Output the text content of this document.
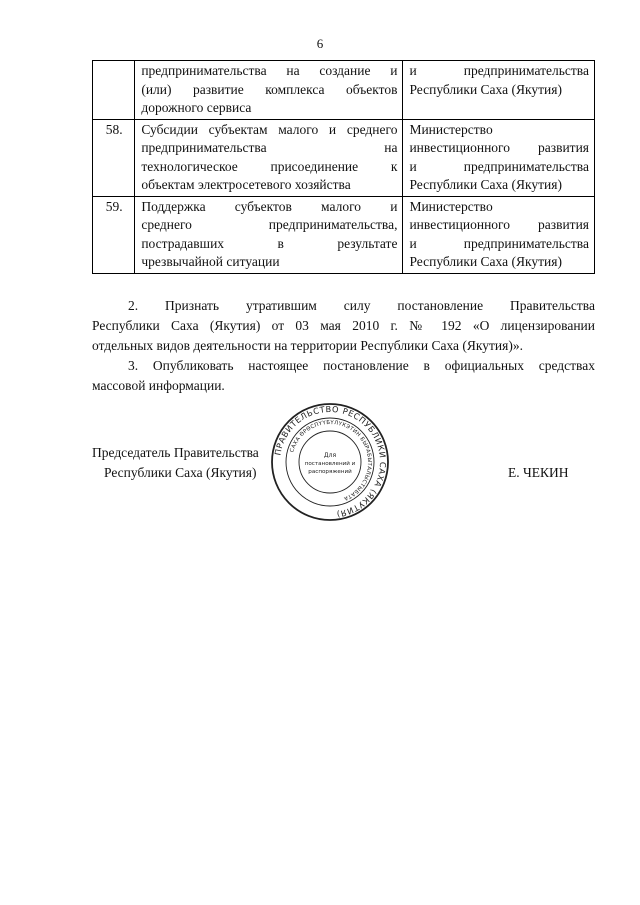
6

	предпринимательства на создание и
(или) развитие комплекса объектов
дорожного сервиса	и предпринимательства
Республики Саха (Якутия)

58.	Субсидии субъектам малого и среднего
предпринимательства на
технологическое присоединение к
объектам электросетевого хозяйства	Министерство
инвестиционного развития
и предпринимательства
Республики Саха (Якутия)

59.	Поддержка субъектов малого и
среднего предпринимательства,
пострадавших в результате
чрезвычайной ситуации	Министерство
инвестиционного развития
и предпринимательства
Республики Саха (Якутия)
2. Признать утратившим силу постановление Правительства
Республики Саха (Якутия) от 03 мая 2010 г. № 192 «О лицензировании
отдельных видов деятельности на территории Республики Саха (Якутия)».
3. Опубликовать настоящее постановление в официальных средствах
массовой информации.
Председатель Правительства
Республики Саха (Якутия)	Е. ЧЕКИН
ПРАВИТЕЛЬСТВО РЕСПУБЛИКИ САХА (ЯКУТИЯ)
САХА ӨРӨСПҮҮБҮЛҮКЭТИН БЫРАБЫТАЛЫСТЫБАТА
Для
постановлений и
распоряжений
